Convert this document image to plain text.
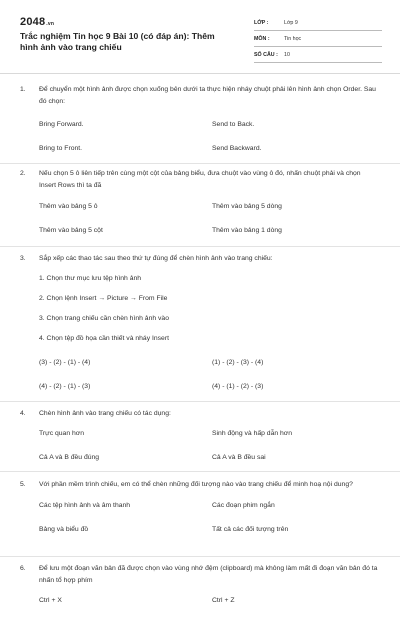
2048.vn
Trắc nghiệm Tin học 9 Bài 10 (có đáp án): Thêm hình ảnh vào trang chiếu
LỚP :	Lớp 9
MÔN :	Tin học
SỐ CÂU :	10
1. Để chuyển một hình ảnh được chọn xuống bên dưới ta thực hiện nháy chuột phải lên hình ảnh chọn Order. Sau đó chọn:
Bring Forward.	Send to Back.
Bring to Front.	Send Backward.
2. Nếu chọn 5 ô liên tiếp trên cùng một cột của bảng biểu, đưa chuột vào vùng ô đó, nhấn chuột phải và chọn Insert Rows thì ta đã
Thêm vào bảng 5 ô	Thêm vào bảng 5 dòng
Thêm vào bảng 5 cột	Thêm vào bảng 1 dòng
3. Sắp xếp các thao tác sau theo thứ tự đúng để chèn hình ảnh vào trang chiếu:
1. Chọn thư mục lưu tệp hình ảnh
2. Chọn lệnh Insert → Picture → From File
3. Chọn trang chiếu cần chèn hình ảnh vào
4. Chọn tệp đồ họa cần thiết và nháy Insert
(3) - (2) - (1) - (4)	(1) - (2) - (3) - (4)
(4) - (2) - (1) - (3)	(4) - (1) - (2) - (3)
4. Chèn hình ảnh vào trang chiếu có tác dụng:
Trực quan hơn	Sinh động và hấp dẫn hơn
Cả A và B đều đúng	Cả A và B đều sai
5. Với phần mềm trình chiếu, em có thể chèn những đối tượng nào vào trang chiếu để minh hoạ nội dung?
Các tệp hình ảnh và âm thanh	Các đoạn phim ngắn
Bảng và biểu đồ	Tất cả các đối tượng trên
6. Để lưu một đoạn văn bản đã được chọn vào vùng nhớ đệm (clipboard) mà không làm mất đi đoạn văn bản đó ta nhấn tổ hợp phím
Ctrl + X	Ctrl + Z
